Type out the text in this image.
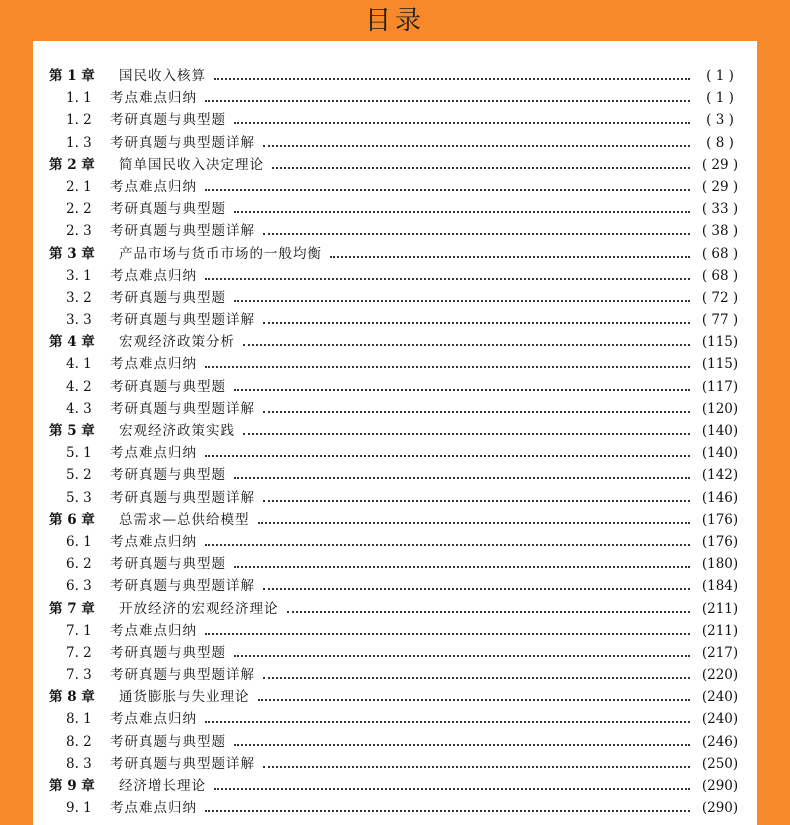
目录
第 1 章	国民收入核算	( 1 )
1. 1	考点难点归纳	( 1 )
1. 2	考研真题与典型题	( 3 )
1. 3	考研真题与典型题详解	( 8 )
第 2 章	简单国民收入决定理论	( 29 )
2. 1	考点难点归纳	( 29 )
2. 2	考研真题与典型题	( 33 )
2. 3	考研真题与典型题详解	( 38 )
第 3 章	产品市场与货币市场的一般均衡	( 68 )
3. 1	考点难点归纳	( 68 )
3. 2	考研真题与典型题	( 72 )
3. 3	考研真题与典型题详解	( 77 )
第 4 章	宏观经济政策分析	(115)
4. 1	考点难点归纳	(115)
4. 2	考研真题与典型题	(117)
4. 3	考研真题与典型题详解	(120)
第 5 章	宏观经济政策实践	(140)
5. 1	考点难点归纳	(140)
5. 2	考研真题与典型题	(142)
5. 3	考研真题与典型题详解	(146)
第 6 章	总需求—总供给模型	(176)
6. 1	考点难点归纳	(176)
6. 2	考研真题与典型题	(180)
6. 3	考研真题与典型题详解	(184)
第 7 章	开放经济的宏观经济理论	(211)
7. 1	考点难点归纳	(211)
7. 2	考研真题与典型题	(217)
7. 3	考研真题与典型题详解	(220)
第 8 章	通货膨胀与失业理论	(240)
8. 1	考点难点归纳	(240)
8. 2	考研真题与典型题	(246)
8. 3	考研真题与典型题详解	(250)
第 9 章	经济增长理论	(290)
9. 1	考点难点归纳	(290)
